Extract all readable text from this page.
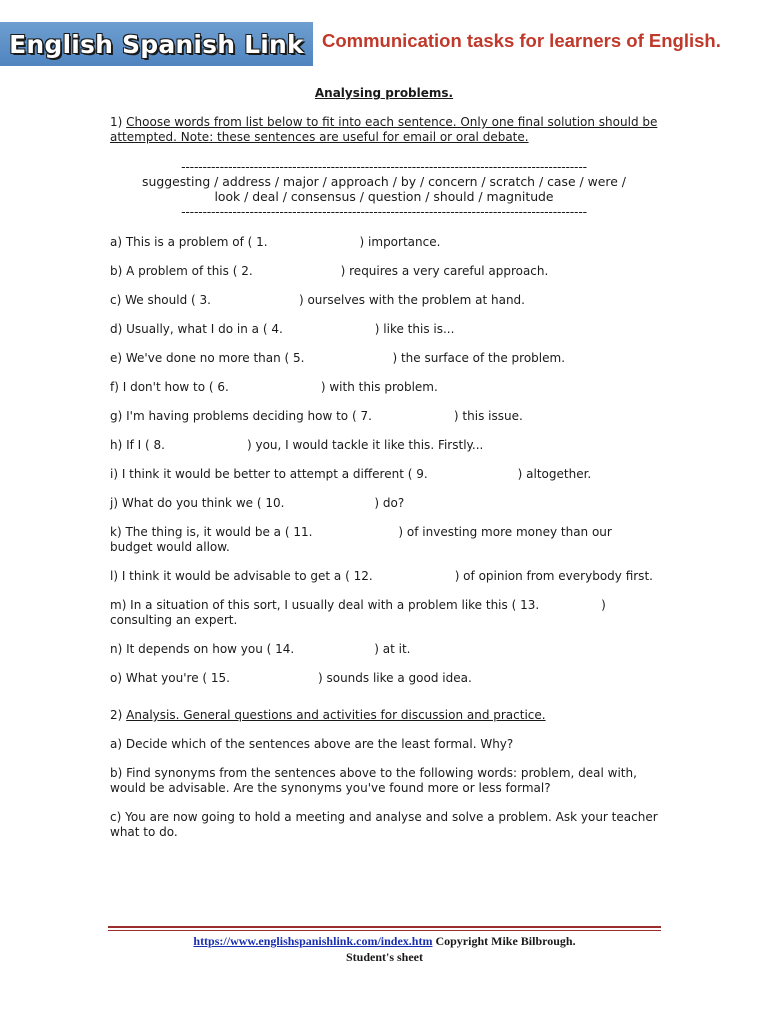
English Spanish Link Communication tasks for learners of English.
Analysing problems.
1) Choose words from list below to fit into each sentence. Only one final solution should be attempted. Note: these sentences are useful for email or oral debate.
-----------------------------------------------------------------------------------------------
suggesting / address / major / approach / by / concern / scratch / case / were /
look / deal / consensus / question / should / magnitude
-----------------------------------------------------------------------------------------------
a) This is a problem of ( 1.	) importance.
b) A problem of this ( 2.	) requires a very careful approach.
c) We should ( 3.	) ourselves with the problem at hand.
d) Usually, what I do in a ( 4.	) like this is...
e) We've done no more than ( 5.	) the surface of the problem.
f) I don't how to ( 6.	) with this problem.
g) I'm having problems deciding how to ( 7.	) this issue.
h) If I ( 8.	) you, I would tackle it like this. Firstly...
i) I think it would be better to attempt a different ( 9.	) altogether.
j) What do you think we ( 10.	) do?
k) The thing is, it would be a ( 11.	) of investing more money than our budget would allow.
l) I think it would be advisable to get a ( 12.	) of opinion from everybody first.
m) In a situation of this sort, I usually deal with a problem like this ( 13.	) consulting an expert.
n) It depends on how you ( 14.	) at it.
o) What you're ( 15.	) sounds like a good idea.
2) Analysis. General questions and activities for discussion and practice.
a) Decide which of the sentences above are the least formal. Why?
b) Find synonyms from the sentences above to the following words: problem, deal with, would be advisable. Are the synonyms you've found more or less formal?
c) You are now going to hold a meeting and analyse and solve a problem. Ask your teacher what to do.
https://www.englishspanishlink.com/index.htm Copyright Mike Bilbrough.
Student's sheet
